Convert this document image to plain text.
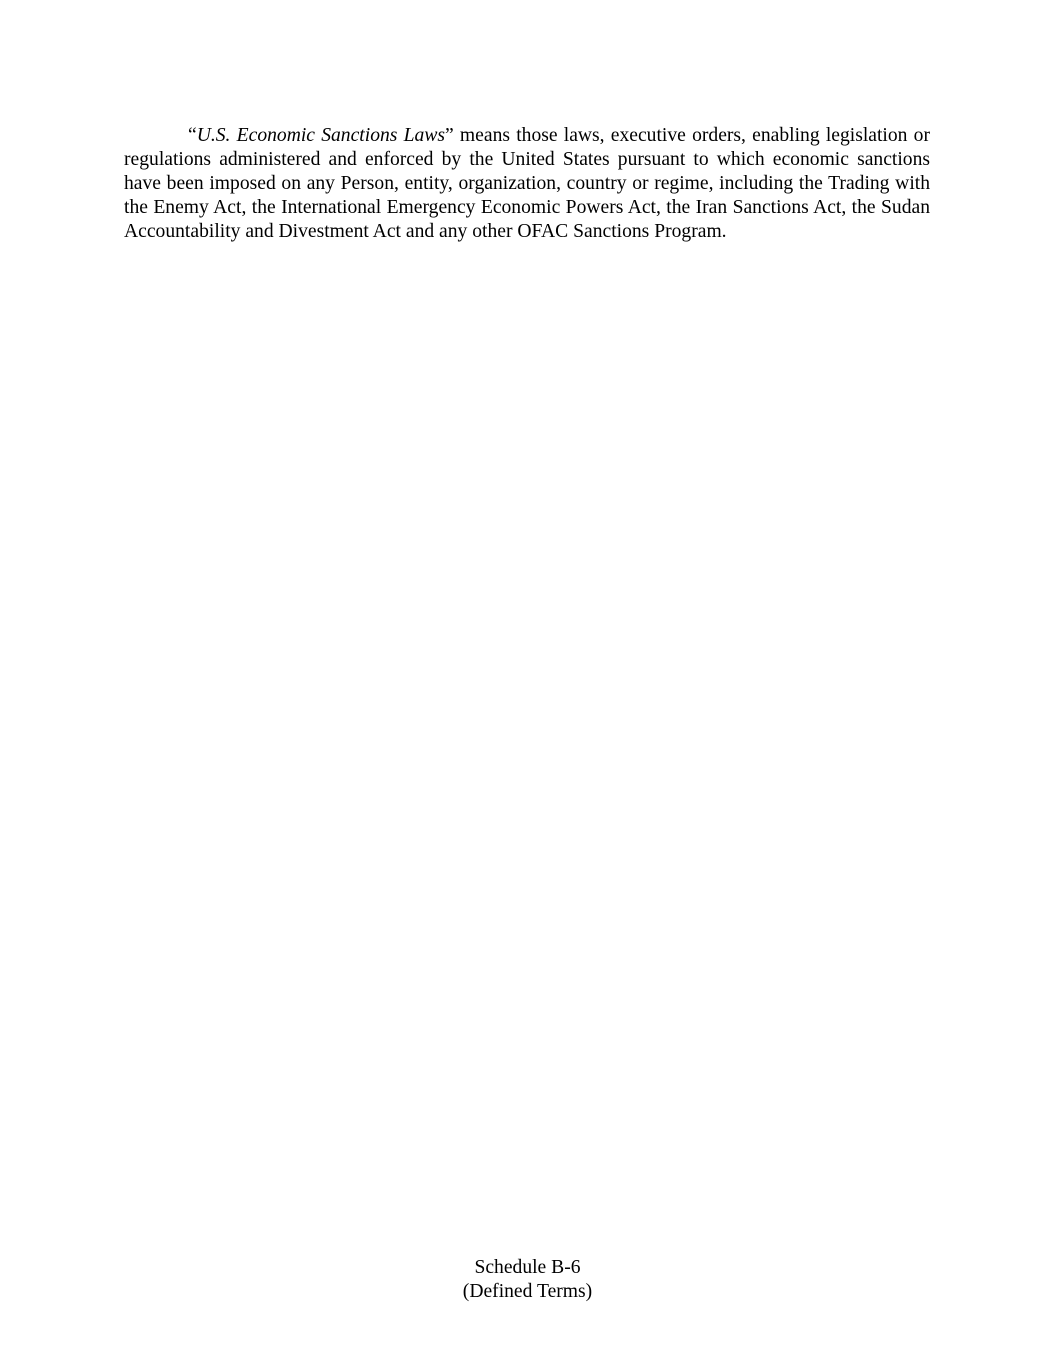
“U.S. Economic Sanctions Laws” means those laws, executive orders, enabling legislation or regulations administered and enforced by the United States pursuant to which economic sanctions have been imposed on any Person, entity, organization, country or regime, including the Trading with the Enemy Act, the International Emergency Economic Powers Act, the Iran Sanctions Act, the Sudan Accountability and Divestment Act and any other OFAC Sanctions Program.

Schedule B-6
(Defined Terms)
